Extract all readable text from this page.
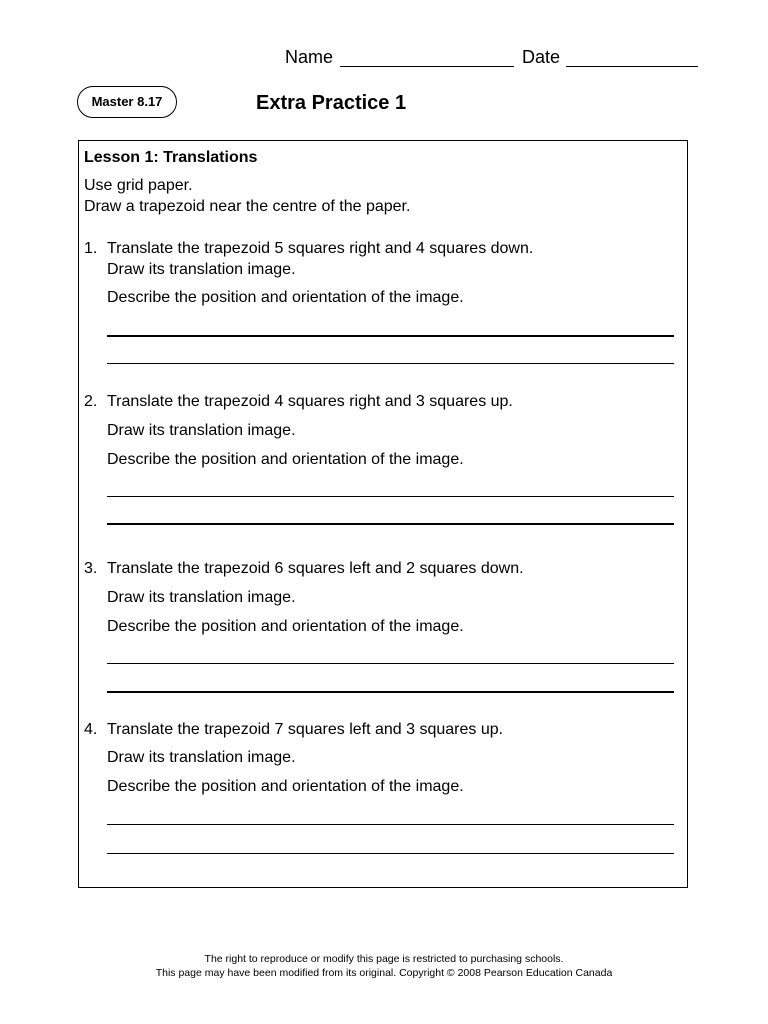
Name	Date
Master 8.17	Extra Practice 1
Lesson 1: Translations
Use grid paper.
Draw a trapezoid near the centre of the paper.
1. Translate the trapezoid 5 squares right and 4 squares down.
Draw its translation image.
Describe the position and orientation of the image.
2. Translate the trapezoid 4 squares right and 3 squares up.
Draw its translation image.
Describe the position and orientation of the image.
3. Translate the trapezoid 6 squares left and 2 squares down.
Draw its translation image.
Describe the position and orientation of the image.
4. Translate the trapezoid 7 squares left and 3 squares up.
Draw its translation image.
Describe the position and orientation of the image.
The right to reproduce or modify this page is restricted to purchasing schools.
This page may have been modified from its original. Copyright © 2008 Pearson Education Canada
